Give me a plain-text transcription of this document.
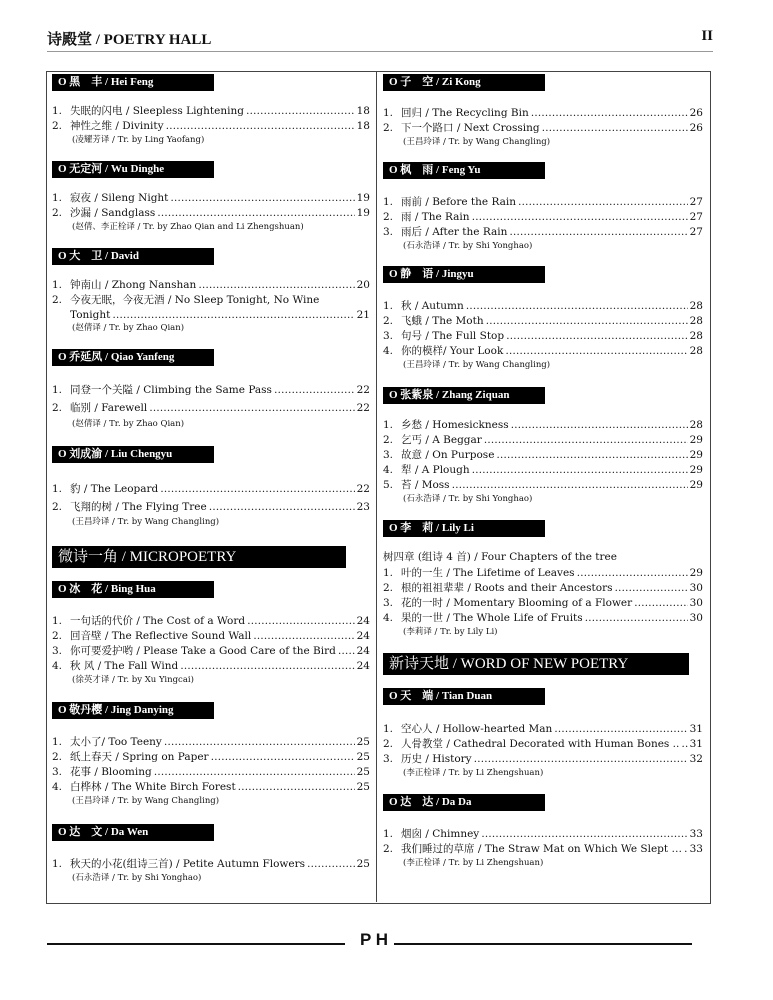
诗殿堂 / POETRY HALL	II
O 黑　丰 / Hei Feng
1. 失眠的闪电 / Sleepless Lightening …………………………………………………………………………………………………………………………………………	18
2. 神性之维 / Divinity …………………………………………………………………………………………………………………………………………	18
(凌耀芳译 / Tr. by Ling Yaofang)
O 无定河 / Wu Dinghe
1. 寂夜 / Sileng Night …………………………………………………………………………………………………………………………………………	19
2. 沙漏 / Sandglass …………………………………………………………………………………………………………………………………………	19
(赵倩、李正栓译 / Tr. by Zhao Qian and Li Zhengshuan)
O 大　卫 / David
1. 钟南山 / Zhong Nanshan …………………………………………………………………………………………………………………………………………	20
2. 今夜无眠，今夜无酒 / No Sleep Tonight, No Wine
Tonight …………………………………………………………………………………………………………………………………………	21
(赵倩译 / Tr. by Zhao Qian)
O 乔延凤 / Qiao Yanfeng
1. 同登一个关隘 / Climbing the Same Pass …………………………………………………………………………………………………………………………………………	22
2. 临别 / Farewell …………………………………………………………………………………………………………………………………………	22
(赵倩译 / Tr. by Zhao Qian)
O 刘成渝 / Liu Chengyu
1. 豹 / The Leopard …………………………………………………………………………………………………………………………………………	22
2. 飞翔的树 / The Flying Tree …………………………………………………………………………………………………………………………………………	23
(王昌玲译 / Tr. by Wang Changling)
微诗一角 / MICROPOETRY
O 冰　花 / Bing Hua
1. 一句话的代价 / The Cost of a Word …………………………………………………………………………………………………………………………………………	24
2. 回音壁 / The Reflective Sound Wall …………………………………………………………………………………………………………………………………………	24
3. 你可要爱护哟 / Please Take a Good Care of the Bird ………………………………………………………………………………………………………………………………………… 24
4. 秋 风 / The Fall Wind …………………………………………………………………………………………………………………………………………	24
(徐英才译 / Tr. by Xu Yingcai)
O 敬丹樱 / Jing Danying
1. 太小了/ Too Teeny …………………………………………………………………………………………………………………………………………	25
2. 纸上春天 / Spring on Paper …………………………………………………………………………………………………………………………………………	25
3. 花事 / Blooming …………………………………………………………………………………………………………………………………………	25
4. 白桦林 / The White Birch Forest …………………………………………………………………………………………………………………………………………	25
(王昌玲译 / Tr. by Wang Changling)
O 达　文 / Da Wen
1. 秋天的小花(组诗三首) / Petite Autumn Flowers …………………………………………………………………………………………………………………………………………	25
(石永浩译 / Tr. by Shi Yonghao)
O 子　空 / Zi Kong
1. 回归 / The Recycling Bin …………………………………………………………………………………………………………………………………………	26
2. 下一个路口 / Next Crossing …………………………………………………………………………………………………………………………………………	26
(王昌玲译 / Tr. by Wang Changling)
O 枫　雨 / Feng Yu
1. 雨前 / Before the Rain …………………………………………………………………………………………………………………………………………	27
2. 雨 / The Rain …………………………………………………………………………………………………………………………………………	27
3. 雨后 / After the Rain …………………………………………………………………………………………………………………………………………	27
(石永浩译 / Tr. by Shi Yonghao)
O 静　语 / Jingyu
1. 秋 / Autumn …………………………………………………………………………………………………………………………………………	28
2. 飞蛾 / The Moth …………………………………………………………………………………………………………………………………………	28
3. 句号 / The Full Stop …………………………………………………………………………………………………………………………………………	28
4. 你的模样/ Your Look …………………………………………………………………………………………………………………………………………	28
(王昌玲译 / Tr. by Wang Changling)
O 张紫泉 / Zhang Ziquan
1. 乡愁 / Homesickness …………………………………………………………………………………………………………………………………………	28
2. 乞丐 / A Beggar …………………………………………………………………………………………………………………………………………	29
3. 故意 / On Purpose …………………………………………………………………………………………………………………………………………	29
4. 犁 / A Plough …………………………………………………………………………………………………………………………………………	29
5. 苔 / Moss …………………………………………………………………………………………………………………………………………	29
(石永浩译 / Tr. by Shi Yonghao)
O 李　莉 / Lily Li
树四章 (组诗 4 首) / Four Chapters of the tree
1. 叶的一生 / The Lifetime of Leaves …………………………………………………………………………………………………………………………………………	29
2. 根的祖祖辈辈 / Roots and their Ancestors …………………………………………………………………………………………………………………………………………	30
3. 花的一时 / Momentary Blooming of a Flower …………………………………………………………………………………………………………………………………………	30
4. 果的一世 / The Whole Life of Fruits …………………………………………………………………………………………………………………………………………	30
(李莉译 / Tr. by Lily Li)
新诗天地 / WORD OF NEW POETRY
O 天　端 / Tian Duan
1. 空心人 / Hollow-hearted Man …………………………………………………………………………………………………………………………………………	31
2. 人骨教堂 / Cathedral Decorated with Human Bones .. ………………………………………………………………………………………………………………………………………… 31
3. 历史 / History …………………………………………………………………………………………………………………………………………	32
(李正栓译 / Tr. by Li Zhengshuan)
O 达　达 / Da Da
1. 烟囱 / Chimney …………………………………………………………………………………………………………………………………………	33
2. 我们睡过的草席 / The Straw Mat on Which We Slept … ………………………………………………………………………………………………………………………………………… 33
(李正栓译 / Tr. by Li Zhengshuan)
P H
